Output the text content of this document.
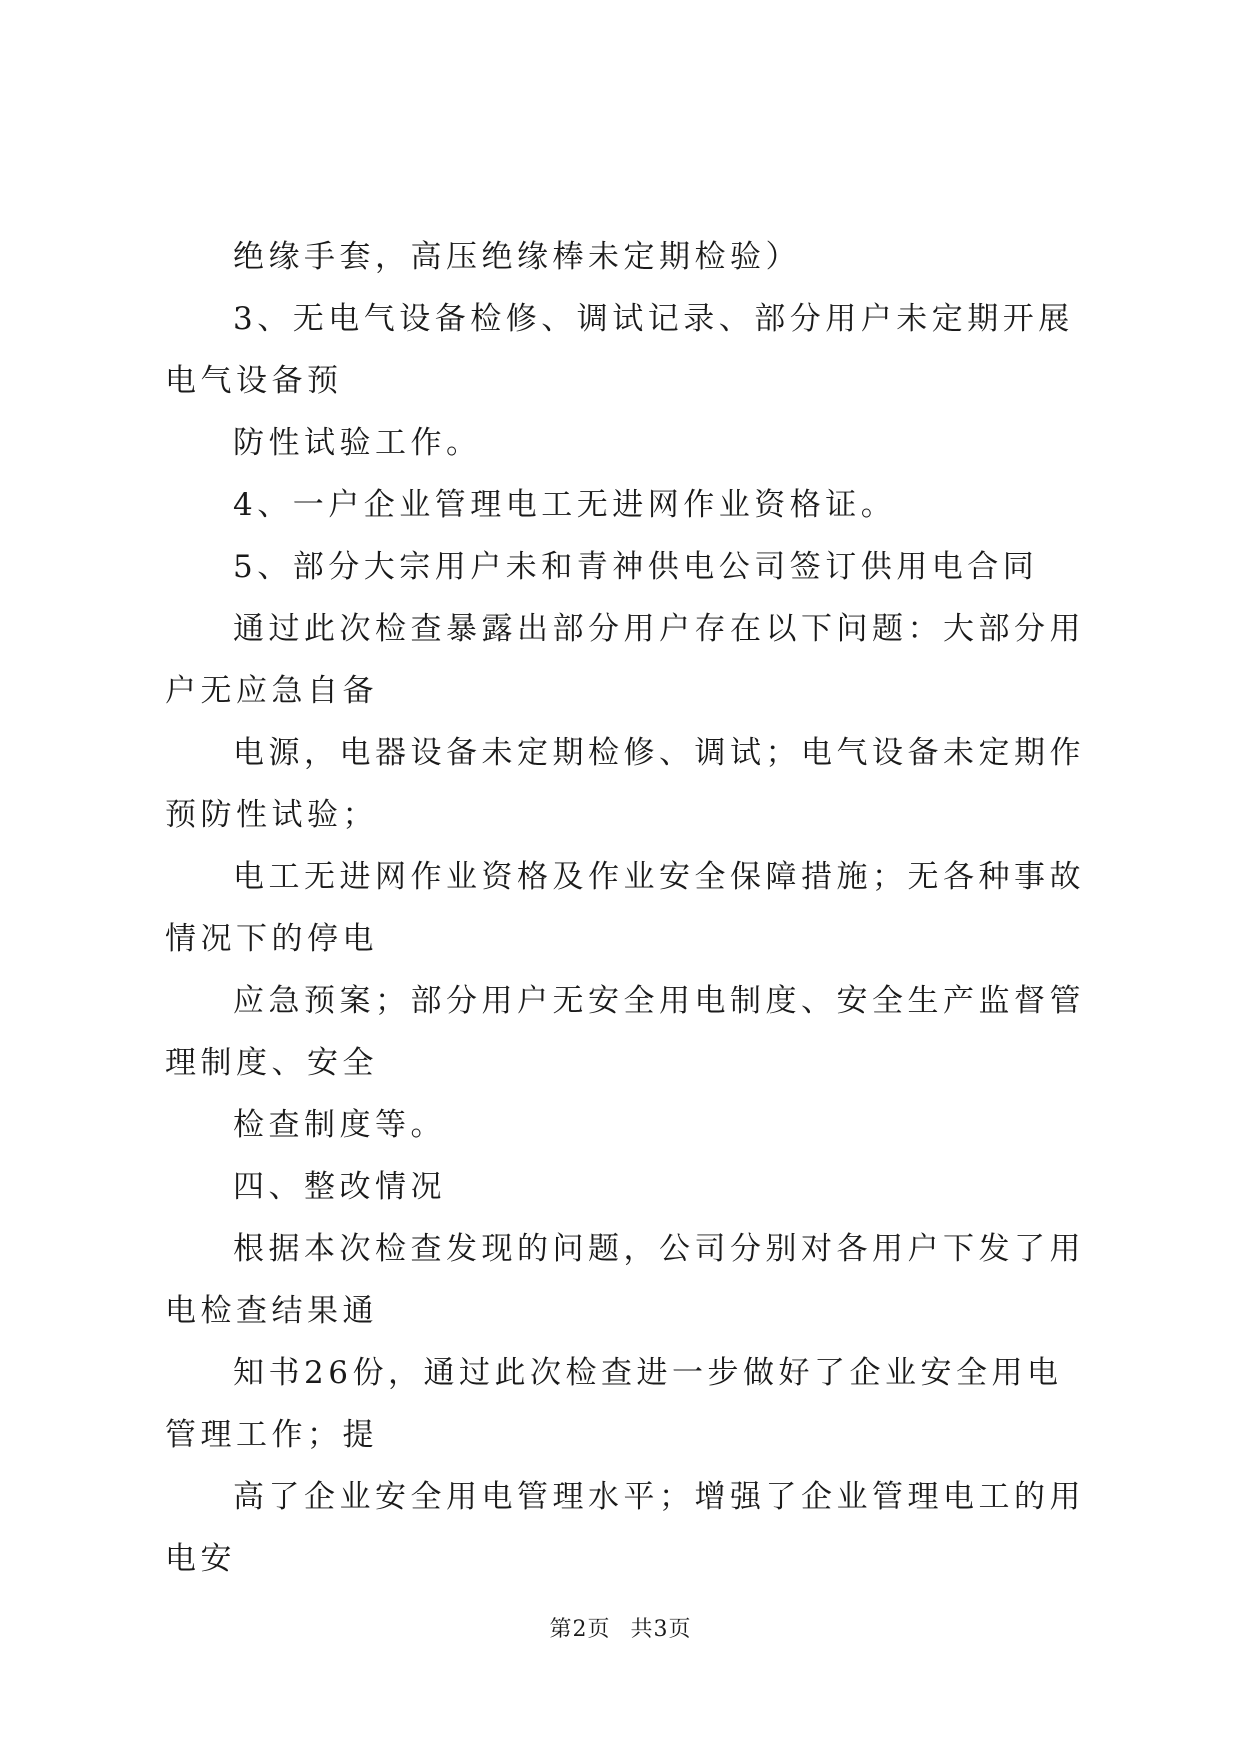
绝缘手套，高压绝缘棒未定期检验）

3、无电气设备检修、调试记录、部分用户未定期开展电气设备预

防性试验工作。

4、一户企业管理电工无进网作业资格证。

5、部分大宗用户未和青神供电公司签订供用电合同

通过此次检查暴露出部分用户存在以下问题：大部分用户无应急自备

电源，电器设备未定期检修、调试；电气设备未定期作预防性试验；

电工无进网作业资格及作业安全保障措施；无各种事故情况下的停电

应急预案；部分用户无安全用电制度、安全生产监督管理制度、安全

检查制度等。

四、整改情况

根据本次检查发现的问题，公司分别对各用户下发了用电检查结果通

知书26份，通过此次检查进一步做好了企业安全用电管理工作；提

高了企业安全用电管理水平；增强了企业管理电工的用电安

第2页 共3页
